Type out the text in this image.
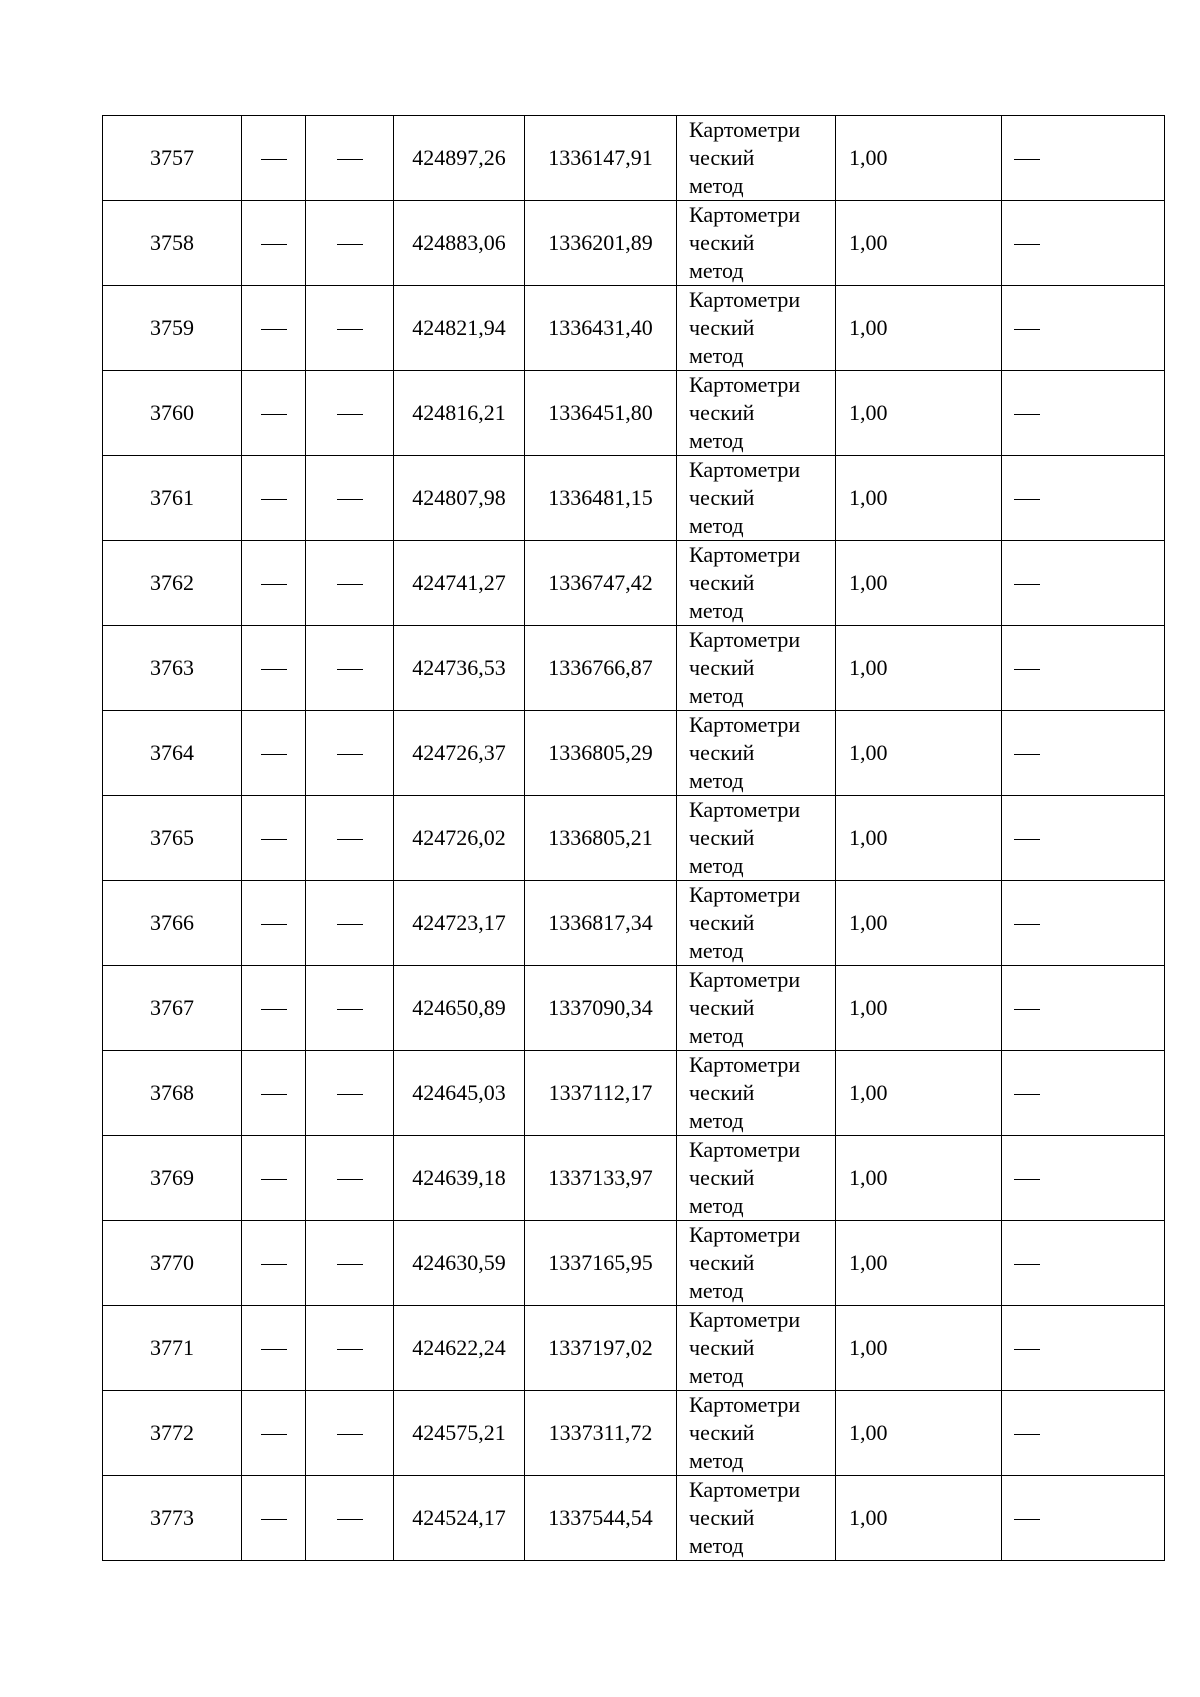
3757			424897,26	1336147,91	Картометри
ческий
метод	1,00	
3758			424883,06	1336201,89	Картометри
ческий
метод	1,00	
3759			424821,94	1336431,40	Картометри
ческий
метод	1,00	
3760			424816,21	1336451,80	Картометри
ческий
метод	1,00	
3761			424807,98	1336481,15	Картометри
ческий
метод	1,00	
3762			424741,27	1336747,42	Картометри
ческий
метод	1,00	
3763			424736,53	1336766,87	Картометри
ческий
метод	1,00	
3764			424726,37	1336805,29	Картометри
ческий
метод	1,00	
3765			424726,02	1336805,21	Картометри
ческий
метод	1,00	
3766			424723,17	1336817,34	Картометри
ческий
метод	1,00	
3767			424650,89	1337090,34	Картометри
ческий
метод	1,00	
3768			424645,03	1337112,17	Картометри
ческий
метод	1,00	
3769			424639,18	1337133,97	Картометри
ческий
метод	1,00	
3770			424630,59	1337165,95	Картометри
ческий
метод	1,00	
3771			424622,24	1337197,02	Картометри
ческий
метод	1,00	
3772			424575,21	1337311,72	Картометри
ческий
метод	1,00	
3773			424524,17	1337544,54	Картометри
ческий
метод	1,00	
